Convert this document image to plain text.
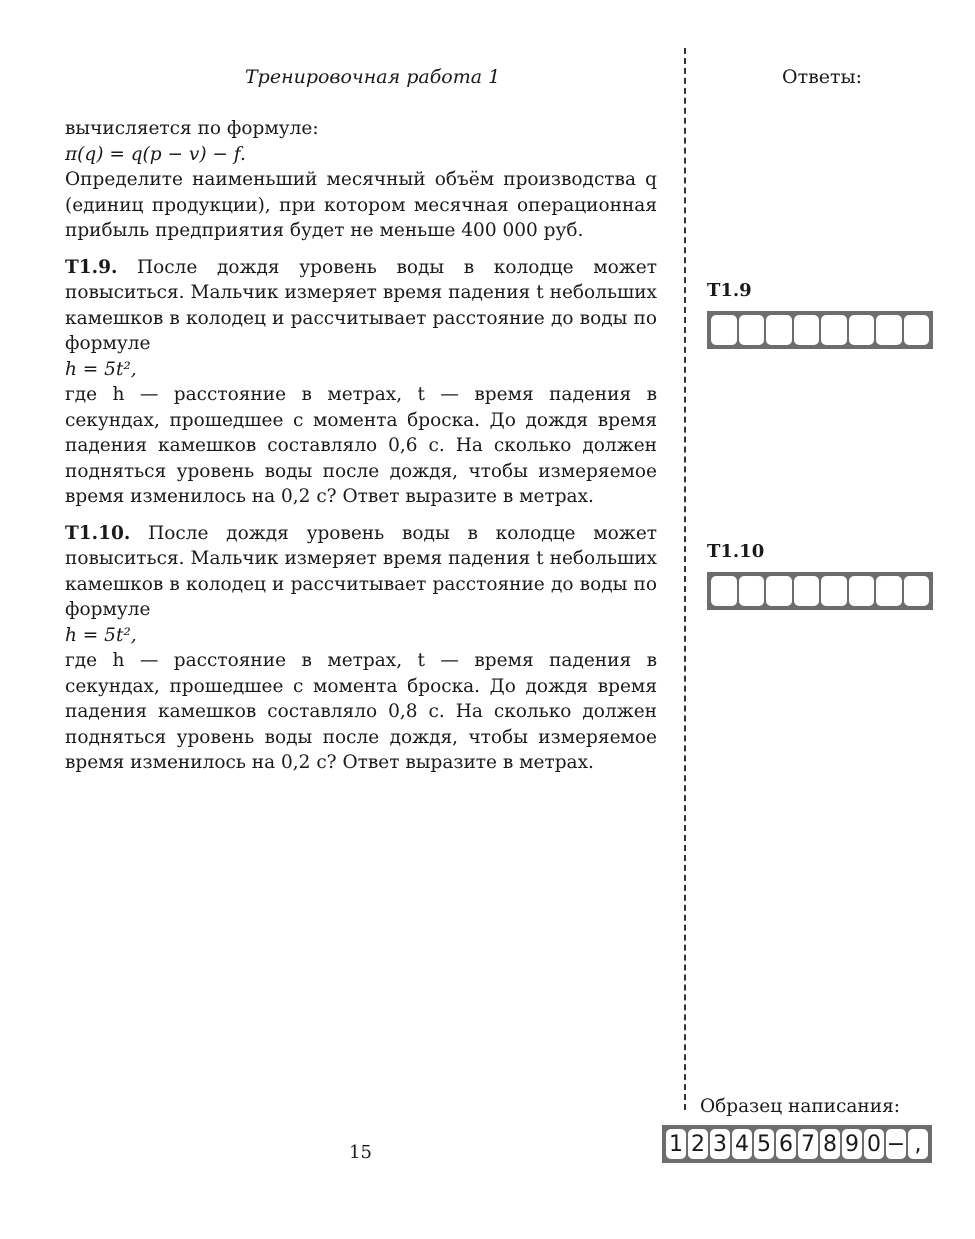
Тренировочная работа 1	Ответы:

вычисляется по формуле:

π(q) = q(p − v) − f.

Определите наименьший месячный объём производства q (единиц продукции), при котором месячная операционная прибыль предприятия будет не меньше 400 000 руб.

T1.9. После дождя уровень воды в колодце может повыситься. Мальчик измеряет время падения t небольших камешков в колодец и рассчитывает расстояние до воды по формуле

h = 5t²,

где h — расстояние в метрах, t — время падения в секундах, прошедшее с момента броска. До дождя время падения камешков составляло 0,6 с. На сколько должен подняться уровень воды после дождя, чтобы измеряемое время изменилось на 0,2 с? Ответ выразите в метрах.

T1.10. После дождя уровень воды в колодце может повыситься. Мальчик измеряет время падения t небольших камешков в колодец и рассчитывает расстояние до воды по формуле

h = 5t²,

где h — расстояние в метрах, t — время падения в секундах, прошедшее с момента броска. До дождя время падения камешков составляло 0,8 с. На сколько должен подняться уровень воды после дождя, чтобы измеряемое время изменилось на 0,2 с? Ответ выразите в метрах.

T1.9
T1.10
Образец написания:
1 2 3 4 5 6 7 8 9 0 − ,
15
